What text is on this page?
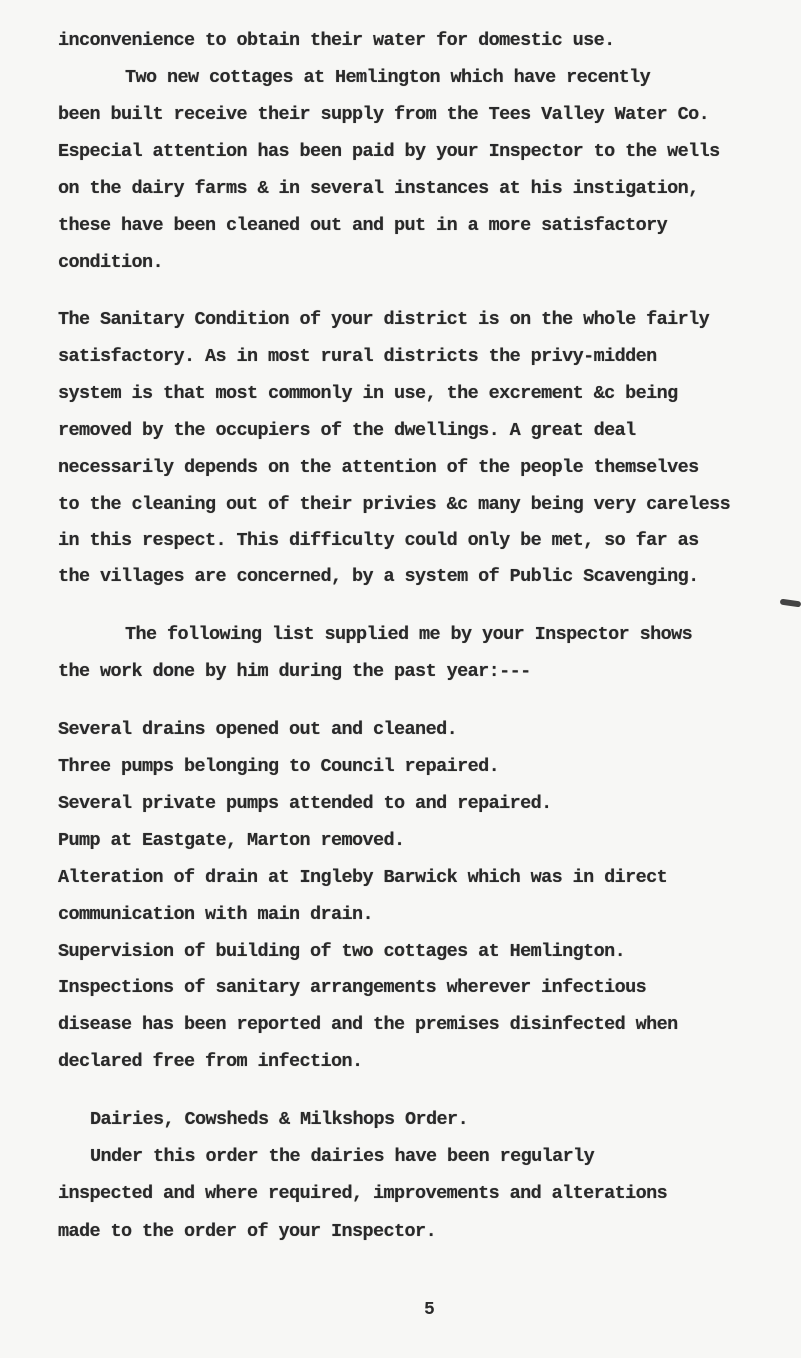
inconvenience to obtain their water for domestic use.
Two new cottages at Hemlington which have recently
been built receive their supply from the Tees Valley Water Co.
Especial attention has been paid by your Inspector to the wells
on the dairy farms & in several instances at his instigation,
these have been cleaned out and put in a more satisfactory
condition.
The Sanitary Condition of your district is on the whole fairly
satisfactory. As in most rural districts the privy-midden
system is that most commonly in use, the excrement &c being
removed by the occupiers of the dwellings. A great deal
necessarily depends on the attention of the people themselves
to the cleaning out of their privies &c many being very careless
in this respect. This difficulty could only be met, so far as
the villages are concerned, by a system of Public Scavenging.
The following list supplied me by your Inspector shows
the work done by him during the past year:---
Several drains opened out and cleaned.
Three pumps belonging to Council repaired.
Several private pumps attended to and repaired.
Pump at Eastgate, Marton removed.
Alteration of drain at Ingleby Barwick which was in direct
communication with main drain.
Supervision of building of two cottages at Hemlington.
Inspections of sanitary arrangements wherever infectious
disease has been reported and the premises disinfected when
declared free from infection.
Dairies, Cowsheds & Milkshops Order.
Under this order the dairies have been regularly
inspected and where required, improvements and alterations
made to the order of your Inspector.
5
